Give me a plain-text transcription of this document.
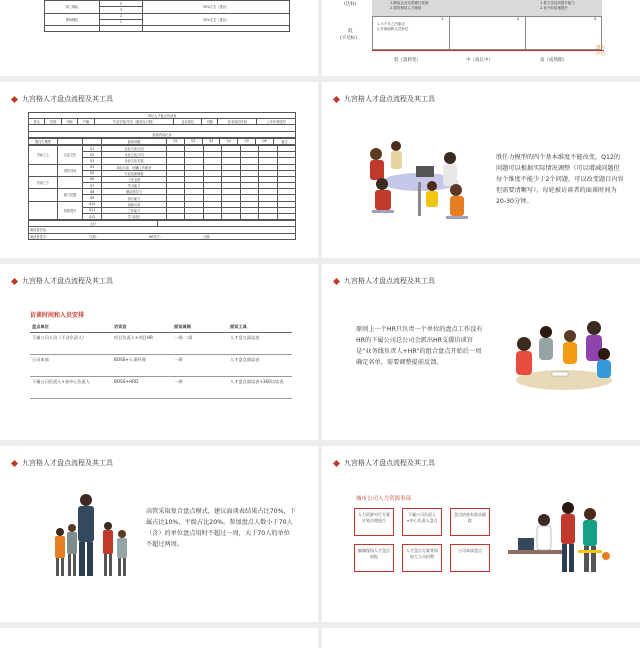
第三梯队	5	50%左右（建议）
	3	
第四梯队	2	30%左右（建议）
	1	

(达标)
低
(不达标)
1.降低企业无偿跳行资源
2.暂时保持人才储备
1.着力实培训提升能力
2.晋升和加速提升
1	2	3
1.六个月之内重点
2.开始组织人员补位
低（需转变）	中（成长中）	高（成熟期）
潜力
评估
九宫格人才盘点流程及其工具
项目人才盘点访谈表
姓名	性别	年龄	户籍	毕业学校/学历（最高全日制）	目前岗位	司龄	任本岗位时间	上年年度绩效

面谈内容记录
胜任力模型			面谈问题	Q1	Q2	Q3	Q4	Q5	Q6	备注
决而之上	企业文化	Q1	企业文化认同							
		Q2	企业文化认同							
		Q3	企业文化实践							
	绩效导向	Q4	岗位认知、明确工作职责							
		Q5	专业技能储备							
决而之下		Q6	工作态度							
		Q7	学习能力							
	潜力挖掘	Q8	团队领导力							
		Q9	执行能力							
	持续提升	Q10	创新认知							
		Q11	工作能力							
		Q12	学习经历							
合计	
面谈者总结
面谈者签字：	日期：	HR签字：	日期：
九宫格人才盘点流程及其工具
胜任力模型的四个基本维度不能改变，Q12的问题可以根据实际情况调整（可以增减问题但每个维度不能少于2个问题，可以改变题目内容但需要清晰写），每轮被访谈者的面谈时间为20-30分钟。
九宫格人才盘点流程及其工具
访谈时间和人员安排
盘点单位	访谈官	面谈周期	面谈工具
下属公司人员（不含负责人）	项目负责人+项目HR	一周-二周	人才盘点面谈表
公司本部	BOSS+人事经理	一周	人才盘点面谈表
下属公司负责人+各中心负责人	BOSS+HRD	一周	人才盘点面谈表+360访谈表
九宫格人才盘点流程及其工具
原则上一个HR只负责一个单位的盘点工作没有HR的下属公司总公司会派出HR支援访谈官是“业务线负责人+HR”的组合盘点开始后一周确定名单，需要调整提前反馈。
九宫格人才盘点流程及其工具
高管采取复合盘点模式，建议面谈表结果占比70%，下属占比10%，平级占比20%。参加盘点人数小于70人（含）的单位盘点用时不超过一周，大于70人的单位不超过两周。
九宫格人才盘点流程及其工具
城市公司人力资源事部
人力资源对行方案计划合理进行
下属公司负责人+中心负责人盘点
盘点结果有需求跟踪
编制现场人才盘点前报
人才盘点方案等同较大人员招聘
公司本部盘点
